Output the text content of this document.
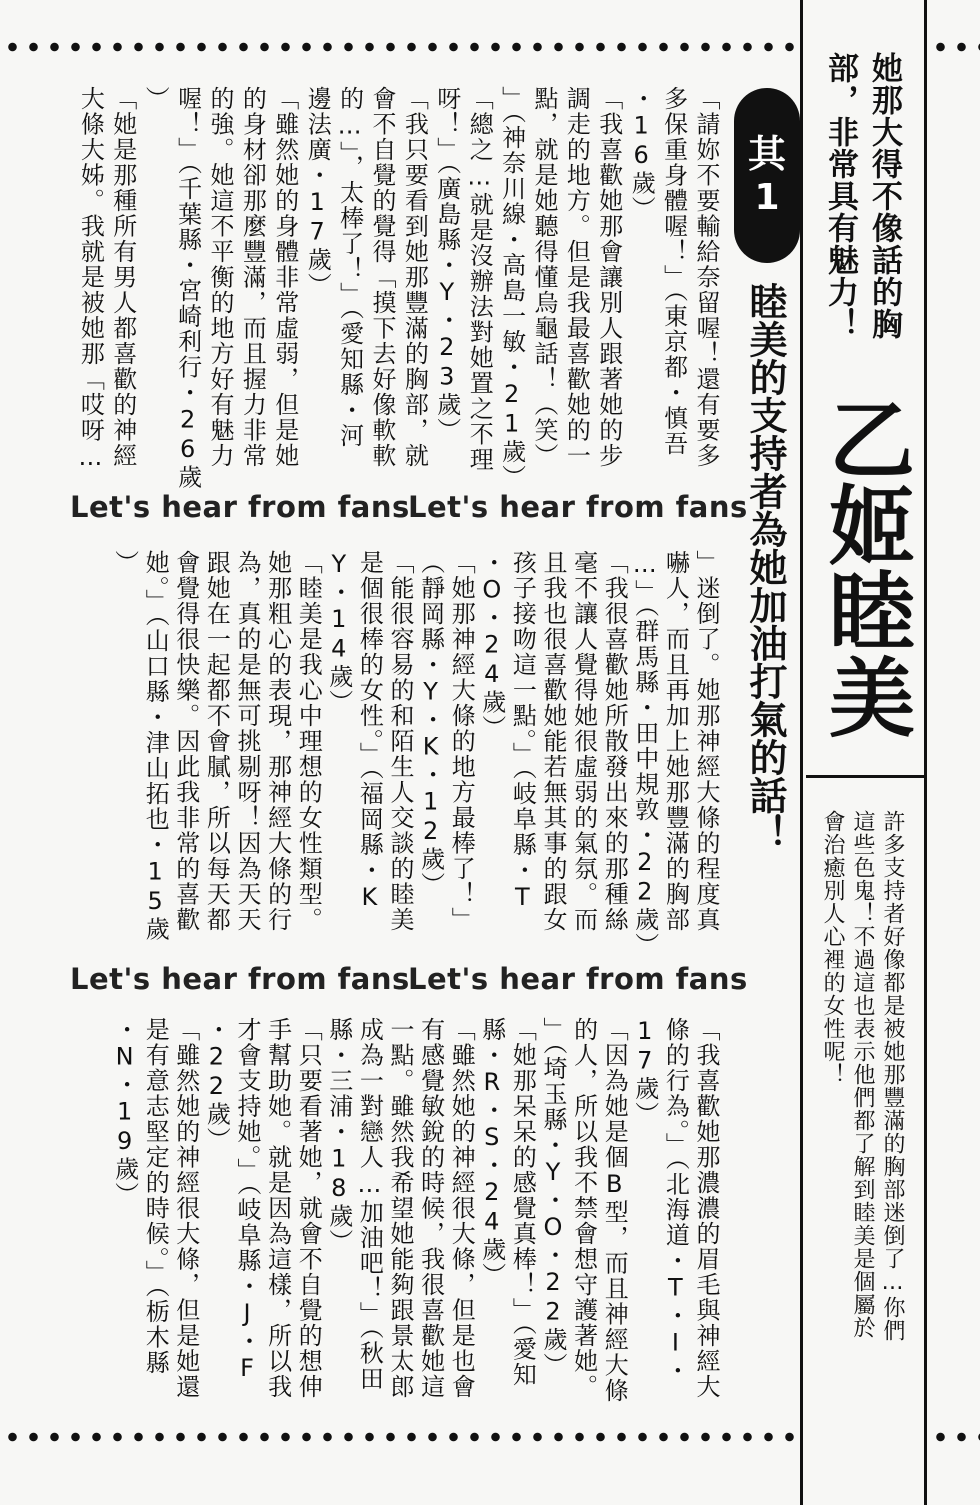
她那大得不像話的胸
部，非常具有魅力！
乙姬睦美
許多支持者好像都是被她那豐滿的胸部迷倒了…你們
這些色鬼！不過這也表示他們都了解到睦美是個屬於
會治癒別人心裡的女性呢！
其
1
睦美的支持者為她加油打氣的話！
Let's hear from fans
Let's hear from fans
Let's hear from fans
Let's hear from fans
「請妳不要輸給奈留喔！還有要多
多保重身體喔！」（東京都・慎吾
・16歲）
「我喜歡她那會讓別人跟著她的步
調走的地方。但是我最喜歡她的一
點，就是她聽得懂烏龜話！（笑）
」（神奈川線・高島一敏・21歲）
「總之…就是沒辦法對她置之不理
呀！」（廣島縣・Y・23歲）
「我只要看到她那豐滿的胸部，就
會不自覺的覺得「摸下去好像軟軟
的…」，太棒了！」（愛知縣・河
邊法廣・17歲）
「雖然她的身體非常虛弱，但是她
的身材卻那麼豐滿，而且握力非常
的強。她這不平衡的地方好有魅力
喔！」（千葉縣・宮崎利行・26歲
）
「她是那種所有男人都喜歡的神經
大條大姊。我就是被她那「哎呀…
」迷倒了。她那神經大條的程度真
嚇人，而且再加上她那豐滿的胸部
…」（群馬縣・田中規敦・22歲）
「我很喜歡她所散發出來的那種絲
毫不讓人覺得她很虛弱的氣氛。而
且我也很喜歡她能若無其事的跟女
孩子接吻這一點。」（岐阜縣・T
・O・24歲）
「她那神經大條的地方最棒了！」
（靜岡縣・Y・K・12歲）
「能很容易的和陌生人交談的睦美
是個很棒的女性。」（福岡縣・K
Y・14歲）
「睦美是我心中理想的女性類型。
她那粗心的表現，那神經大條的行
為，真的是無可挑剔呀！因為天天
跟她在一起都不會膩，所以每天都
會覺得很快樂。因此我非常的喜歡
她。」（山口縣・津山拓也・15歲
）
「我喜歡她那濃濃的眉毛與神經大
條的行為。」（北海道・T・I・
17歲）
「因為她是個B型，而且神經大條
的人，所以我不禁會想守護著她。
」（埼玉縣・Y・O・22歲）
「她那呆呆的感覺真棒！」（愛知
縣・R・S・24歲）
「雖然她的神經很大條，但是也會
有感覺敏銳的時候，我很喜歡她這
一點。雖然我希望她能夠跟景太郎
成為一對戀人…加油吧！」（秋田
縣・三浦・18歲）
「只要看著她，就會不自覺的想伸
手幫助她。就是因為這樣，所以我
才會支持她。」（岐阜縣・J・F
・22歲）
「雖然她的神經很大條，但是她還
是有意志堅定的時候。」（栃木縣
・N・19歲）
